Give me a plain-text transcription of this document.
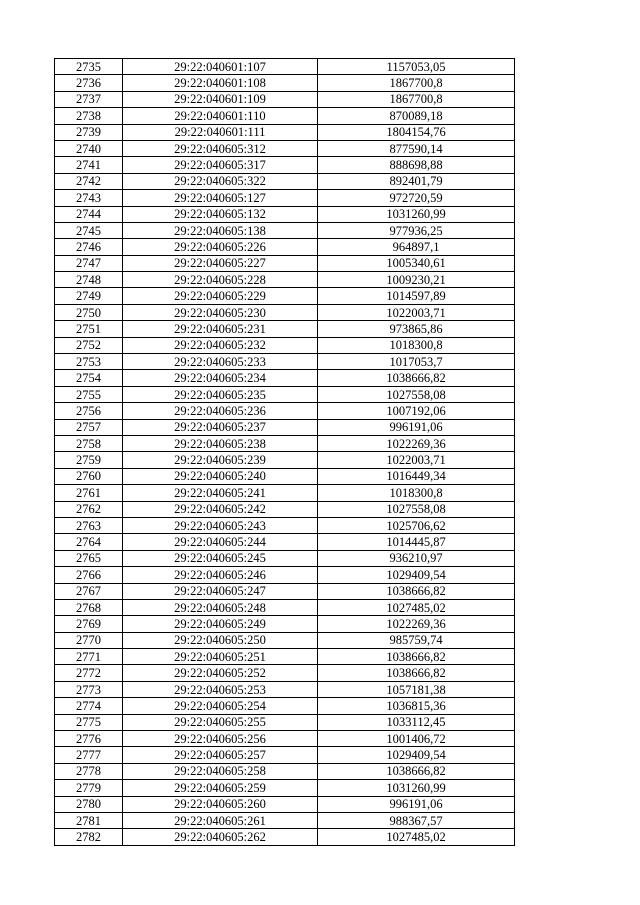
2735	29:22:040601:107	1157053,05
2736	29:22:040601:108	1867700,8
2737	29:22:040601:109	1867700,8
2738	29:22:040601:110	870089,18
2739	29:22:040601:111	1804154,76
2740	29:22:040605:312	877590,14
2741	29:22:040605:317	888698,88
2742	29:22:040605:322	892401,79
2743	29:22:040605:127	972720,59
2744	29:22:040605:132	1031260,99
2745	29:22:040605:138	977936,25
2746	29:22:040605:226	964897,1
2747	29:22:040605:227	1005340,61
2748	29:22:040605:228	1009230,21
2749	29:22:040605:229	1014597,89
2750	29:22:040605:230	1022003,71
2751	29:22:040605:231	973865,86
2752	29:22:040605:232	1018300,8
2753	29:22:040605:233	1017053,7
2754	29:22:040605:234	1038666,82
2755	29:22:040605:235	1027558,08
2756	29:22:040605:236	1007192,06
2757	29:22:040605:237	996191,06
2758	29:22:040605:238	1022269,36
2759	29:22:040605:239	1022003,71
2760	29:22:040605:240	1016449,34
2761	29:22:040605:241	1018300,8
2762	29:22:040605:242	1027558,08
2763	29:22:040605:243	1025706,62
2764	29:22:040605:244	1014445,87
2765	29:22:040605:245	936210,97
2766	29:22:040605:246	1029409,54
2767	29:22:040605:247	1038666,82
2768	29:22:040605:248	1027485,02
2769	29:22:040605:249	1022269,36
2770	29:22:040605:250	985759,74
2771	29:22:040605:251	1038666,82
2772	29:22:040605:252	1038666,82
2773	29:22:040605:253	1057181,38
2774	29:22:040605:254	1036815,36
2775	29:22:040605:255	1033112,45
2776	29:22:040605:256	1001406,72
2777	29:22:040605:257	1029409,54
2778	29:22:040605:258	1038666,82
2779	29:22:040605:259	1031260,99
2780	29:22:040605:260	996191,06
2781	29:22:040605:261	988367,57
2782	29:22:040605:262	1027485,02
